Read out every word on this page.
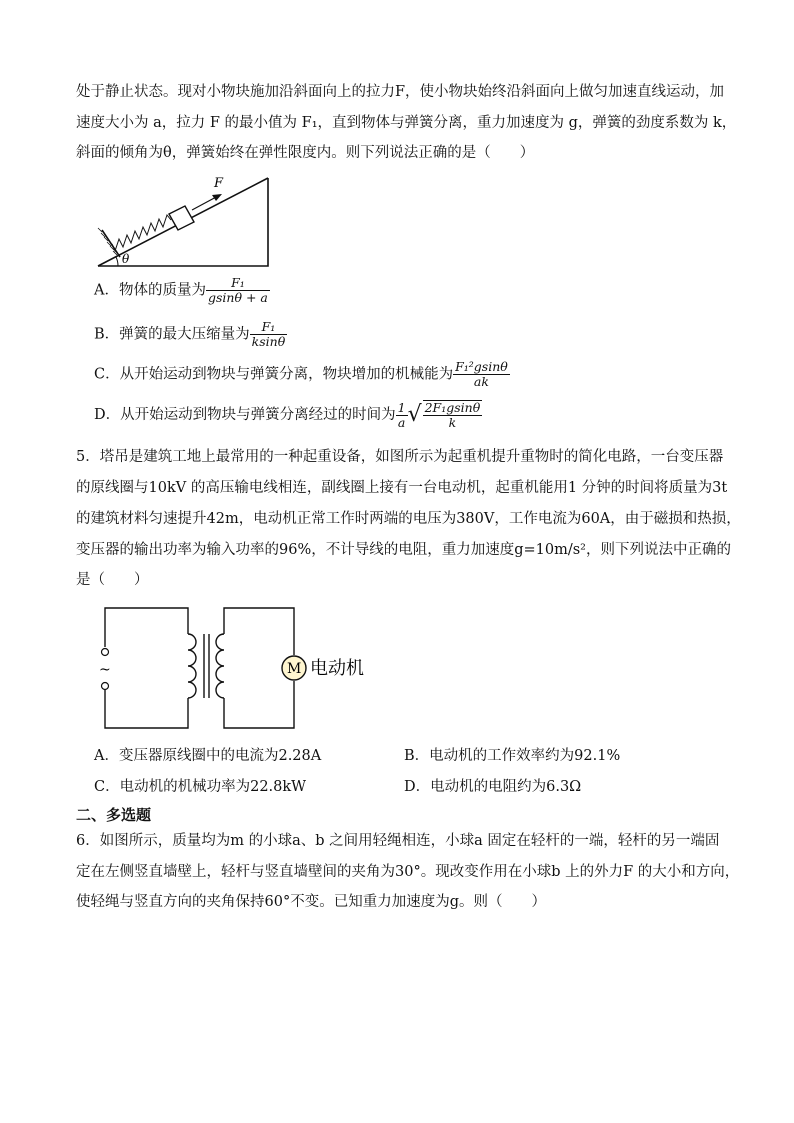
处于静止状态。现对小物块施加沿斜面向上的拉力F，使小物块始终沿斜面向上做匀加速直线运动，加
速度大小为 a，拉力 F 的最小值为 F₁，直到物体与弹簧分离，重力加速度为 g，弹簧的劲度系数为 k，
斜面的倾角为θ，弹簧始终在弹性限度内。则下列说法正确的是（　　）
F
θ
A．物体的质量为 $\frac{\text{F₁}}{gsin\theta + a}$
B．弹簧的最大压缩量为 $\frac{\text{F₁}}{ksin\theta}$
C．从开始运动到物块与弹簧分离，物块增加的机械能为 $\frac{\text{F₁²gsinθ}}{ak}$
D．从开始运动到物块与弹簧分离经过的时间为 $\frac{1}{a}$ √ $\frac{\text{2F₁gsinθ}}{k}$
5．塔吊是建筑工地上最常用的一种起重设备，如图所示为起重机提升重物时的简化电路，一台变压器
的原线圈与10kV 的高压输电线相连，副线圈上接有一台电动机，起重机能用1 分钟的时间将质量为3t
的建筑材料匀速提升42m，电动机正常工作时两端的电压为380V，工作电流为60A，由于磁损和热损，
变压器的输出功率为输入功率的96%，不计导线的电阻，重力加速度g=10m/s²，则下列说法中正确的
是（　　）
~	M 电动机
A．变压器原线圈中的电流为2.28A	B．电动机的工作效率约为92.1%
C．电动机的机械功率为22.8kW	D．电动机的电阻约为6.3Ω
二、多选题
6．如图所示，质量均为m 的小球a、b 之间用轻绳相连，小球a 固定在轻杆的一端，轻杆的另一端固
定在左侧竖直墙壁上，轻杆与竖直墙壁间的夹角为30°。现改变作用在小球b 上的外力F 的大小和方向，
使轻绳与竖直方向的夹角保持60°不变。已知重力加速度为g。则（　　）
